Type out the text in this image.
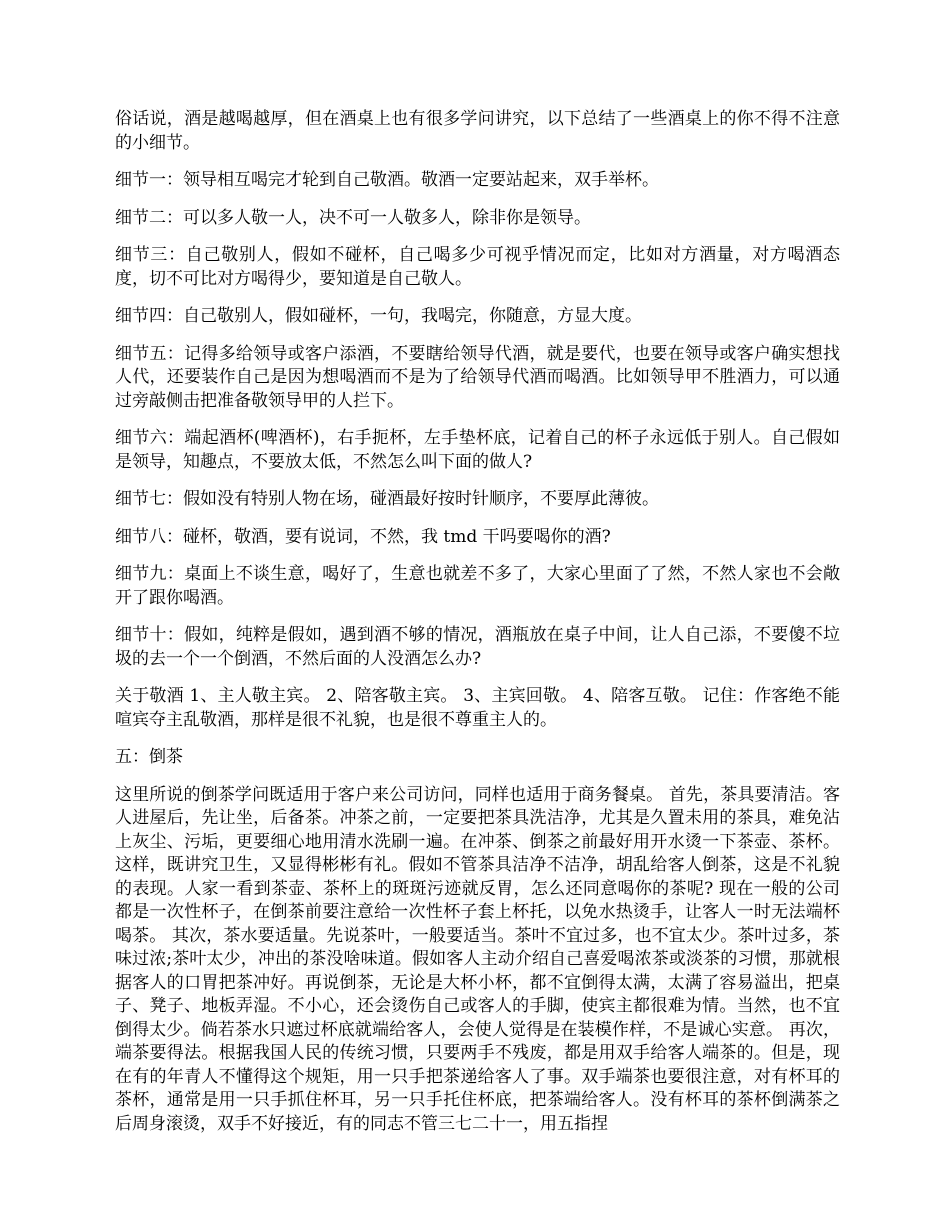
俗话说，酒是越喝越厚，但在酒桌上也有很多学问讲究，以下总结了一些酒桌上的你不得不注意的小细节。

细节一：领导相互喝完才轮到自己敬酒。敬酒一定要站起来，双手举杯。

细节二：可以多人敬一人，决不可一人敬多人，除非你是领导。

细节三：自己敬别人，假如不碰杯，自己喝多少可视乎情况而定，比如对方酒量，对方喝酒态度，切不可比对方喝得少，要知道是自己敬人。

细节四：自己敬别人，假如碰杯，一句，我喝完，你随意，方显大度。

细节五：记得多给领导或客户添酒，不要瞎给领导代酒，就是要代，也要在领导或客户确实想找人代，还要装作自己是因为想喝酒而不是为了给领导代酒而喝酒。比如领导甲不胜酒力，可以通过旁敲侧击把准备敬领导甲的人拦下。

细节六：端起酒杯(啤酒杯)，右手扼杯，左手垫杯底，记着自己的杯子永远低于别人。自己假如是领导，知趣点，不要放太低，不然怎么叫下面的做人?

细节七：假如没有特别人物在场，碰酒最好按时针顺序，不要厚此薄彼。

细节八：碰杯，敬酒，要有说词，不然，我 tmd 干吗要喝你的酒?

细节九：桌面上不谈生意，喝好了，生意也就差不多了，大家心里面了了然，不然人家也不会敞开了跟你喝酒。

细节十：假如，纯粹是假如，遇到酒不够的情况，酒瓶放在桌子中间，让人自己添，不要傻不垃圾的去一个一个倒酒，不然后面的人没酒怎么办?

关于敬酒 1、主人敬主宾。 2、陪客敬主宾。 3、主宾回敬。 4、陪客互敬。 记住：作客绝不能喧宾夺主乱敬酒，那样是很不礼貌，也是很不尊重主人的。

五：倒茶

这里所说的倒茶学问既适用于客户来公司访问，同样也适用于商务餐桌。 首先，茶具要清洁。客人进屋后，先让坐，后备茶。冲茶之前，一定要把茶具洗洁净，尤其是久置未用的茶具，难免沾上灰尘、污垢，更要细心地用清水洗刷一遍。在冲茶、倒茶之前最好用开水烫一下茶壶、茶杯。这样，既讲究卫生，又显得彬彬有礼。假如不管茶具洁净不洁净，胡乱给客人倒茶，这是不礼貌的表现。人家一看到茶壶、茶杯上的斑斑污迹就反胃，怎么还同意喝你的茶呢? 现在一般的公司都是一次性杯子，在倒茶前要注意给一次性杯子套上杯托，以免水热烫手，让客人一时无法端杯喝茶。 其次，茶水要适量。先说茶叶，一般要适当。茶叶不宜过多，也不宜太少。茶叶过多，茶味过浓;茶叶太少，冲出的茶没啥味道。假如客人主动介绍自己喜爱喝浓茶或淡茶的习惯，那就根据客人的口胃把茶冲好。再说倒茶，无论是大杯小杯，都不宜倒得太满，太满了容易溢出，把桌子、凳子、地板弄湿。不小心，还会烫伤自己或客人的手脚，使宾主都很难为情。当然，也不宜倒得太少。倘若茶水只遮过杯底就端给客人，会使人觉得是在装模作样，不是诚心实意。 再次，端茶要得法。根据我国人民的传统习惯，只要两手不残废，都是用双手给客人端茶的。但是，现在有的年青人不懂得这个规矩，用一只手把茶递给客人了事。双手端茶也要很注意，对有杯耳的茶杯，通常是用一只手抓住杯耳，另一只手托住杯底，把茶端给客人。没有杯耳的茶杯倒满茶之后周身滚烫，双手不好接近，有的同志不管三七二十一，用五指捏
